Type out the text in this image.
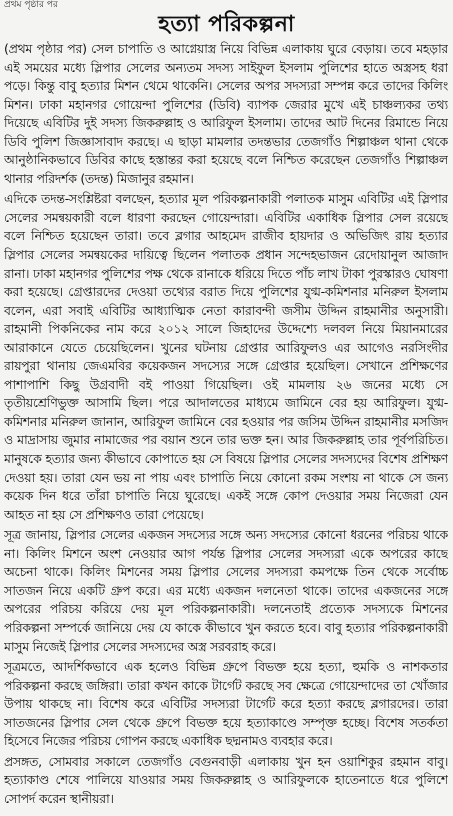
প্রথম পৃষ্ঠার পর
হত্যা পরিকল্পনা

(প্রথম পৃষ্ঠার পর) সেল চাপাতি ও আগ্নেয়াস্ত্র নিয়ে বিভিন্ন এলাকায় ঘুরে বেড়ায়। তবে মহড়ার এই সময়ের মধ্যে স্লিপার সেলের অন্যতম সদস্য সাইফুল ইসলাম পুলিশের হাতে অস্ত্রসহ ধরা পড়ে। কিন্তু বাবু হত্যার মিশন থেমে থাকেনি। সেলের অপর সদস্যরা সম্পন্ন করে তাদের কিলিং মিশন। ঢাকা মহানগর গোয়েন্দা পুলিশের (ডিবি) ব্যাপক জেরার মুখে এই চাঞ্চল্যকর তথ্য দিয়েছে এবিটির দুই সদস্য জিকরুল্লাহ ও আরিফুল ইসলাম। তাদের আট দিনের রিমান্ডে নিয়ে ডিবি পুলিশ জিজ্ঞাসাবাদ করছে। এ ছাড়া মামলার তদন্তভার তেজগাঁও শিল্পাঞ্চল থানা থেকে আনুষ্ঠানিকভাবে ডিবির কাছে হস্তান্তর করা হয়েছে বলে নিশ্চিত করেছেন তেজগাঁও শিল্পাঞ্চল থানার পরিদর্শক (তদন্ত) মিজানুর রহমান।

এদিকে তদন্ত-সংশ্লিষ্টরা বলছেন, হত্যার মূল পরিকল্পনাকারী পলাতক মাসুম এবিটির এই স্লিপার সেলের সমন্বয়কারী বলে ধারণা করছেন গোয়েন্দারা। এবিটির একাধিক স্লিপার সেল রয়েছে বলে নিশ্চিত হয়েছেন তারা। তবে ব্লগার আহমেদ রাজীব হায়দার ও অভিজিৎ রায় হত্যার স্লিপার সেলের সমন্বয়কের দায়িত্বে ছিলেন পলাতক প্রধান সন্দেহভাজন রেদোয়ানুল আজাদ রানা। ঢাকা মহানগর পুলিশের পক্ষ থেকে রানাকে ধরিয়ে দিতে পাঁচ লাখ টাকা পুরস্কারও ঘোষণা করা হয়েছে। গ্রেপ্তারদের দেওয়া তথ্যের বরাত দিয়ে পুলিশের যুগ্ম-কমিশনার মনিরুল ইসলাম বলেন, এরা সবাই এবিটির আধ্যাত্মিক নেতা কারাবন্দী জসীম উদ্দিন রাহমানীর অনুসারী। রাহমানী পিকনিকের নাম করে ২০১২ সালে জিহাদের উদ্দেশ্যে দলবল নিয়ে মিয়ানমারের আরাকানে যেতে চেয়েছিলেন। খুনের ঘটনায় গ্রেপ্তার আরিফুলও এর আগেও নরসিংদীর রায়পুরা থানায় জেএমবির কয়েকজন সদস্যের সঙ্গে গ্রেপ্তার হয়েছিল। সেখানে প্রশিক্ষণের পাশাপাশি কিছু উগ্রবাদী বই পাওয়া গিয়েছিল। ওই মামলায় ২৬ জনের মধ্যে সে তৃতীয়শ্রেণিভুক্ত আসামি ছিল। পরে আদালতের মাধ্যমে জামিনে বের হয় আরিফুল। যুগ্ম-কমিশনার মনিরুল জানান, আরিফুল জামিনে বের হওয়ার পর জসিম উদ্দিন রাহমানীর মসজিদ ও মাদ্রাসায় জুমার নামাজের পর বয়ান শুনে তার ভক্ত হন। আর জিকরুল্লাহ তার পূর্বপরিচিত। মানুষকে হত্যার জন্য কীভাবে কোপাতে হয় সে বিষয়ে স্লিপার সেলের সদস্যদের বিশেষ প্রশিক্ষণ দেওয়া হয়। তারা যেন ভয় না পায় এবং চাপাতি নিয়ে কোনো রকম সংশয় না থাকে সে জন্য কয়েক দিন ধরে তাঁরা চাপাতি নিয়ে ঘুরেছে। একই সঙ্গে কোপ দেওয়ার সময় নিজেরা যেন আহত না হয় সে প্রশিক্ষণও তারা পেয়েছে।

সূত্র জানায়, স্লিপার সেলের একজন সদস্যের সঙ্গে অন্য সদস্যের কোনো ধরনের পরিচয় থাকে না। কিলিং মিশনে অংশ নেওয়ার আগ পর্যন্ত স্লিপার সেলের সদস্যরা একে অপরের কাছে অচেনা থাকে। কিলিং মিশনের সময় স্লিপার সেলের সদস্যরা কমপক্ষে তিন থেকে সর্বোচ্চ সাতজন নিয়ে একটি গ্রুপ করে। এর মধ্যে একজন দলনেতা থাকে। তাদের একজনের সঙ্গে অপরের পরিচয় করিয়ে দেয় মূল পরিকল্পনাকারী। দলনেতাই প্রত্যেক সদস্যকে মিশনের পরিকল্পনা সম্পর্কে জানিয়ে দেয় যে কাকে কীভাবে খুন করতে হবে। বাবু হত্যার পরিকল্পনাকারী মাসুম নিজেই স্লিপার সেলের সদস্যদের অস্ত্র সরবরাহ করে।

সূত্রমতে, আদর্শিকভাবে এক হলেও বিভিন্ন গ্রুপে বিভক্ত হয়ে হত্যা, হুমকি ও নাশকতার পরিকল্পনা করছে জঙ্গিরা। তারা কখন কাকে টার্গেট করছে সব ক্ষেত্রে গোয়েন্দাদের তা খোঁজার উপায় থাকছে না। বিশেষ করে এবিটির সদস্যরা টার্গেট করে হত্যা করছে ব্লগারদের। তারা সাতজনের স্লিপার সেল থেকে গ্রুপে বিভক্ত হয়ে হত্যাকাণ্ডে সম্পৃক্ত হচ্ছে। বিশেষ সতর্কতা হিসেবে নিজের পরিচয় গোপন করছে একাধিক ছদ্মনামও ব্যবহার করে।

প্রসঙ্গত, সোমবার সকালে তেজগাঁও বেগুনবাড়ী এলাকায় খুন হন ওয়াশিকুর রহমান বাবু। হত্যাকাণ্ড শেষে পালিয়ে যাওয়ার সময় জিকরুল্লাহ ও আরিফুলকে হাতেনাতে ধরে পুলিশে সোপর্দ করেন স্থানীয়রা।
